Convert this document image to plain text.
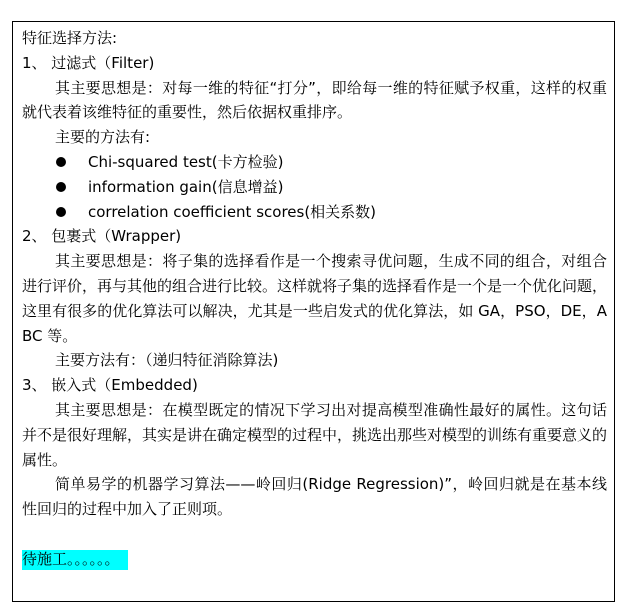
特征选择方法:
1、 过滤式（Filter)
其主要思想是：对每一维的特征“打分”，即给每一维的特征赋予权重，这样的权重就代表着该维特征的重要性，然后依据权重排序。
主要的方法有:
Chi-squared test(卡方检验)
information gain(信息增益)
correlation coefficient scores(相关系数)
2、 包裹式（Wrapper)
其主要思想是：将子集的选择看作是一个搜索寻优问题，生成不同的组合，对组合进行评价，再与其他的组合进行比较。这样就将子集的选择看作是一个是一个优化问题，这里有很多的优化算法可以解决，尤其是一些启发式的优化算法，如 GA，PSO，DE，ABC 等。
主要方法有：（递归特征消除算法)
3、 嵌入式（Embedded)
其主要思想是：在模型既定的情况下学习出对提高模型准确性最好的属性。这句话并不是很好理解，其实是讲在确定模型的过程中，挑选出那些对模型的训练有重要意义的属性。
简单易学的机器学习算法——岭回归(Ridge Regression)”，岭回归就是在基本线性回归的过程中加入了正则项。
待施工。。。。。。
